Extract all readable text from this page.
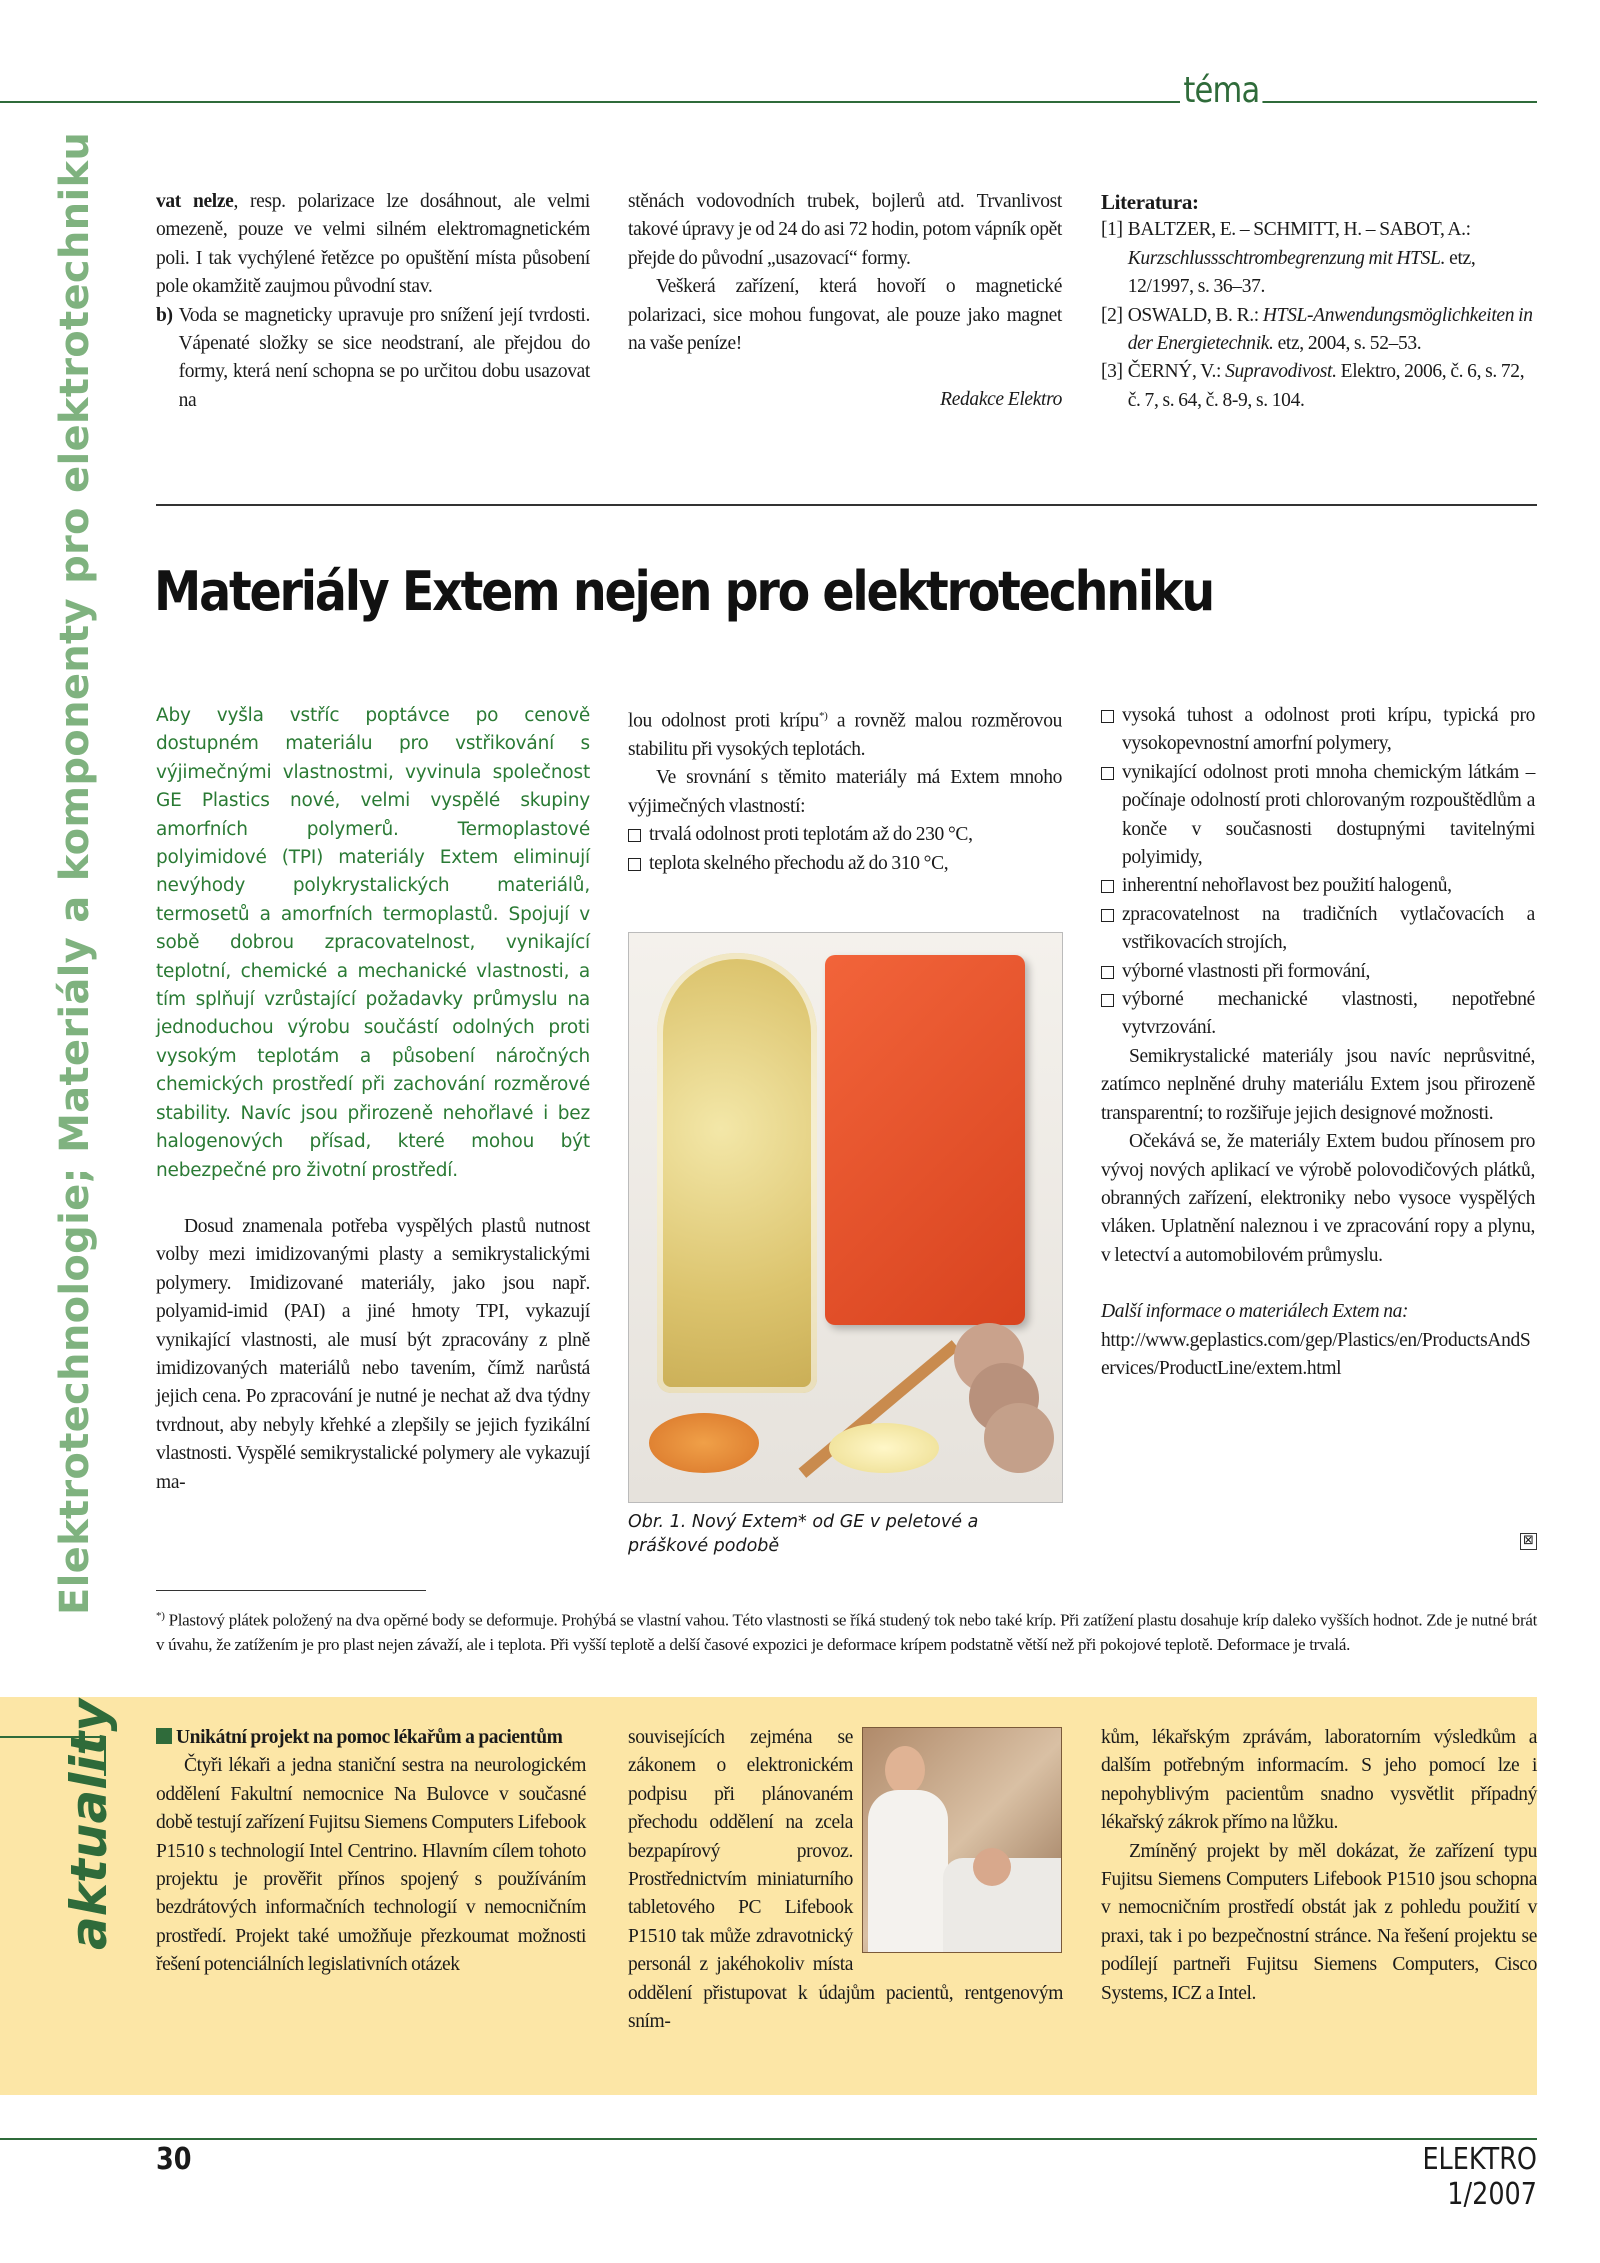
téma
Elektrotechnologie; Materiály a komponenty pro elektrotechniku	vat nelze, resp. polarizace lze dosáhnout, ale velmi omezeně, pouze ve velmi silném elektromagnetickém poli. I tak vychýlené řetězce po opuštění místa působení pole okamžitě zaujmou původní stav.

b) Voda se magneticky upravuje pro snížení její tvrdosti. Vápenaté složky se sice neodstraní, ale přejdou do formy, která není schopna se po určitou dobu usazovat na

stěnách vodovodních trubek, bojlerů atd. Trvanlivost takové úpravy je od 24 do asi 72 hodin, potom vápník opět přejde do původní „usazovací“ formy.

Veškerá zařízení, která hovoří o magnetické polarizaci, sice mohou fungovat, ale pouze jako magnet na vaše peníze!

Redakce Elektro

Literatura:

[1] BALTZER, E. – SCHMITT, H. – SABOT, A.: Kurzschlussschtrombegrenzung mit HTSL. etz, 12/1997, s. 36–37.
[2] OSWALD, B. R.: HTSL-Anwendungsmöglichkeiten in der Energietechnik. etz, 2004, s. 52–53.
[3] ČERNÝ, V.: Supravodivost. Elektro, 2006, č. 6, s. 72, č. 7, s. 64, č. 8-9, s. 104.
Materiály Extem nejen pro elektrotechniku

Aby vyšla vstříc poptávce po cenově dostupném materiálu pro vstřikování s výjimečnými vlastnostmi, vyvinula společnost GE Plastics nové, velmi vyspělé skupiny amorfních polymerů. Termoplastové polyimidové (TPI) materiály Extem eliminují nevýhody polykrystalických materiálů, termosetů a amorfních termoplastů. Spojují v sobě dobrou zpracovatelnost, vynikající teplotní, chemické a mechanické vlastnosti, a tím splňují vzrůstající požadavky průmyslu na jednoduchou výrobu součástí odolných proti vysokým teplotám a působení náročných chemických prostředí při zachování rozměrové stability. Navíc jsou přirozeně nehořlavé i bez halogenových přísad, které mohou být nebezpečné pro životní prostředí.

Dosud znamenala potřeba vyspělých plastů nutnost volby mezi imidizovanými plasty a semikrystalickými polymery. Imidizované materiály, jako jsou např. polyamid-imid (PAI) a jiné hmoty TPI, vykazují vynikající vlastnosti, ale musí být zpracovány z plně imidizovaných materiálů nebo tavením, čímž narůstá jejich cena. Po zpracování je nutné je nechat až dva týdny tvrdnout, aby nebyly křehké a zlepšily se jejich fyzikální vlastnosti. Vyspělé semikrystalické polymery ale vykazují ma-

lou odolnost proti krípu*) a rovněž malou rozměrovou stabilitu při vysokých teplotách.

Ve srovnání s těmito materiály má Extem mnoho výjimečných vlastností:

trvalá odolnost proti teplotám až do 230 °C,
teplota skelného přechodu až do 310 °C,
Obr. 1. Nový Extem* od GE v peletové a práškové podobě
vysoká tuhost a odolnost proti krípu, typická pro vysokopevnostní amorfní polymery,
vynikající odolnost proti mnoha chemickým látkám – počínaje odolností proti chlorovaným rozpouštědlům a konče v současnosti dostupnými tavitelnými polyimidy,
inherentní nehořlavost bez použití halogenů,
zpracovatelnost na tradičních vytlačovacích a vstřikovacích strojích,
výborné vlastnosti při formování,
výborné mechanické vlastnosti, nepotřebné vytvrzování.

Semikrystalické materiály jsou navíc neprůsvitné, zatímco neplněné druhy materiálu Extem jsou přirozeně transparentní; to rozšiřuje jejich designové možnosti.

Očekává se, že materiály Extem budou přínosem pro vývoj nových aplikací ve výrobě polovodičových plátků, obranných zařízení, elektroniky nebo vysoce vyspělých vláken. Uplatnění naleznou i ve zpracování ropy a plynu, v letectví a automobilovém průmyslu.

Další informace o materiálech Extem na:

http://www.geplastics.com/gep/Plastics/en/ProductsAndServices/ProductLine/extem.html

⊠
*) Plastový plátek položený na dva opěrné body se deformuje. Prohýbá se vlastní vahou. Této vlastnosti se říká studený tok nebo také kríp. Při zatížení plastu dosahuje kríp daleko vyšších hodnot. Zde je nutné brát v úvahu, že zatížením je pro plast nejen závaží, ale i teplota. Při vyšší teplotě a delší časové expozici je deformace krípem podstatně větší než při pokojové teplotě. Deformace je trvalá.
aktuality	Unikátní projekt na pomoc lékařům a pacientům

Čtyři lékaři a jedna staniční sestra na neurologickém oddělení Fakultní nemocnice Na Bulovce v současné době testují zařízení Fujitsu Siemens Computers Lifebook P1510 s technologií Intel Centrino. Hlavním cílem tohoto projektu je prověřit přínos spojený s používáním bezdrátových informačních technologií v nemocničním prostředí. Projekt také umožňuje přezkoumat možnosti řešení potenciálních legislativních otázek

souvisejících zejména se zákonem o elektronickém podpisu při plánovaném přechodu oddělení na zcela bezpapírový provoz. Prostřednictvím miniaturního tabletového PC Lifebook P1510 tak může zdravotnický personál z jakéhokoliv místa oddělení přistupovat k údajům pacientů, rentgenovým sním-

kům, lékařským zprávám, laboratorním výsledkům a dalším potřebným informacím. S jeho pomocí lze i nepohyblivým pacientům snadno vysvětlit případný lékařský zákrok přímo na lůžku.

Zmíněný projekt by měl dokázat, že zařízení typu Fujitsu Siemens Computers Lifebook P1510 jsou schopna v nemocničním prostředí obstát jak z pohledu použití v praxi, tak i po bezpečnostní stránce. Na řešení projektu se podílejí partneři Fujitsu Siemens Computers, Cisco Systems, ICZ a Intel.

30	ELEKTRO 1/2007
